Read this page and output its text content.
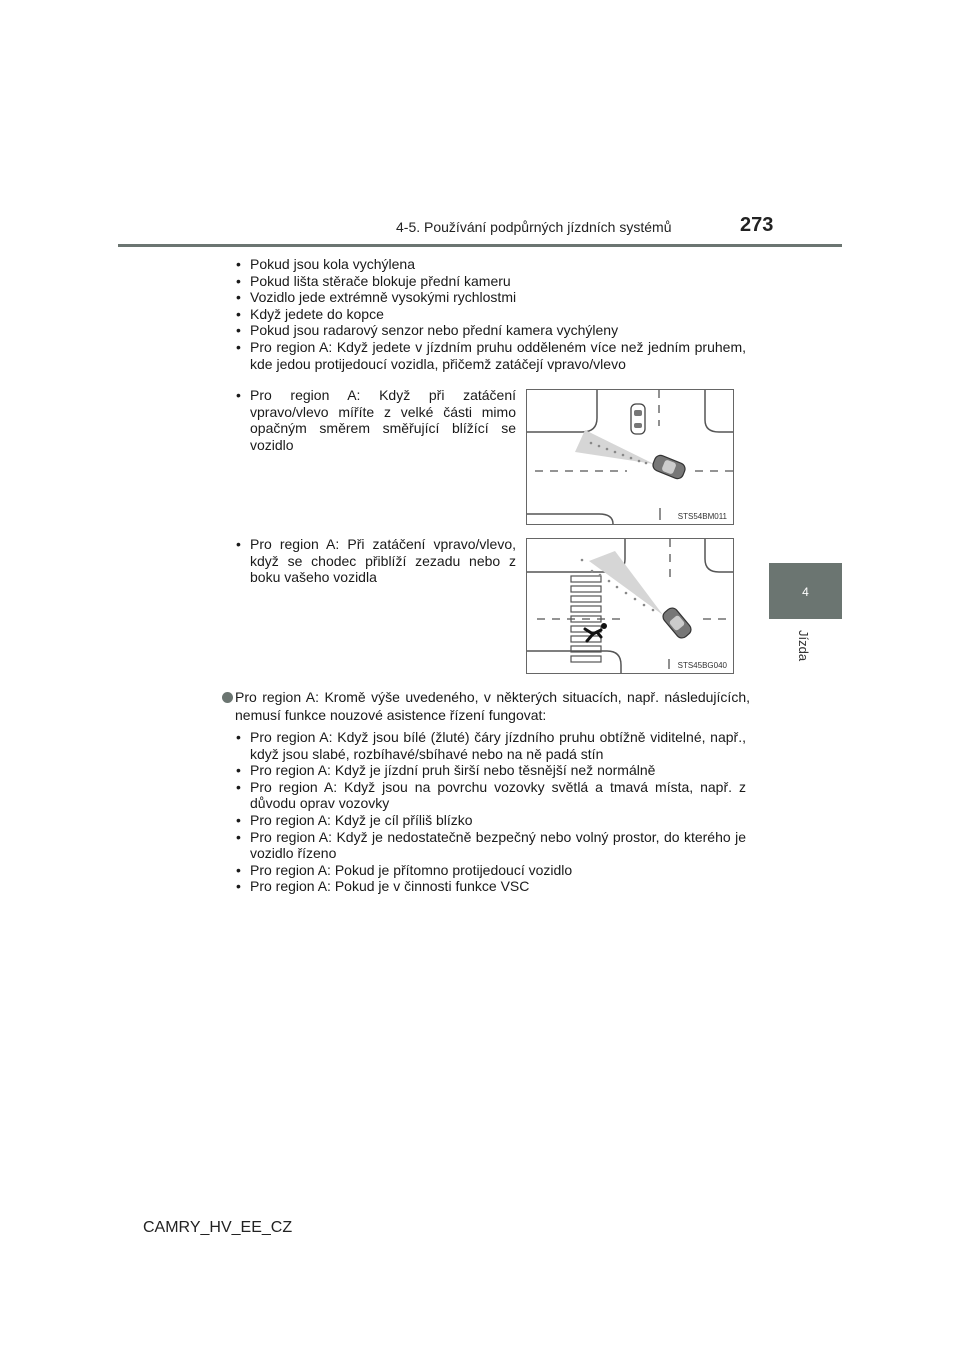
4-5. Používání podpůrných jízdních systémů	273
4
Jízda
• Pokud jsou kola vychýlena
• Pokud lišta stěrače blokuje přední kameru
• Vozidlo jede extrémně vysokými rychlostmi
• Když jedete do kopce
• Pokud jsou radarový senzor nebo přední kamera vychýleny
• Pro region A: Když jedete v jízdním pruhu odděleném více než jedním pruhem, kde jedou protijedoucí vozidla, přičemž zatáčejí vpravo/vlevo
• Pro region A: Když při zatáčení vpravo/vlevo míříte z velké části mimo opačným směrem směřující blížící se vozidlo
STS54BM011
• Pro region A: Při zatáčení vpravo/vlevo, když se chodec přiblíží zezadu nebo z boku vašeho vozidla
STS45BG040
Pro region A: Kromě výše uvedeného, v některých situacích, např. následujících, nemusí funkce nouzové asistence řízení fungovat:
• Pro region A: Když jsou bílé (žluté) čáry jízdního pruhu obtížně viditelné, např., když jsou slabé, rozbíhavé/sbíhavé nebo na ně padá stín
• Pro region A: Když je jízdní pruh širší nebo těsnější než normálně
• Pro region A: Když jsou na povrchu vozovky světlá a tmavá místa, např. z důvodu oprav vozovky
• Pro region A: Když je cíl příliš blízko
• Pro region A: Když je nedostatečně bezpečný nebo volný prostor, do kterého je vozidlo řízeno
• Pro region A: Pokud je přítomno protijedoucí vozidlo
• Pro region A: Pokud je v činnosti funkce VSC
CAMRY_HV_EE_CZ
